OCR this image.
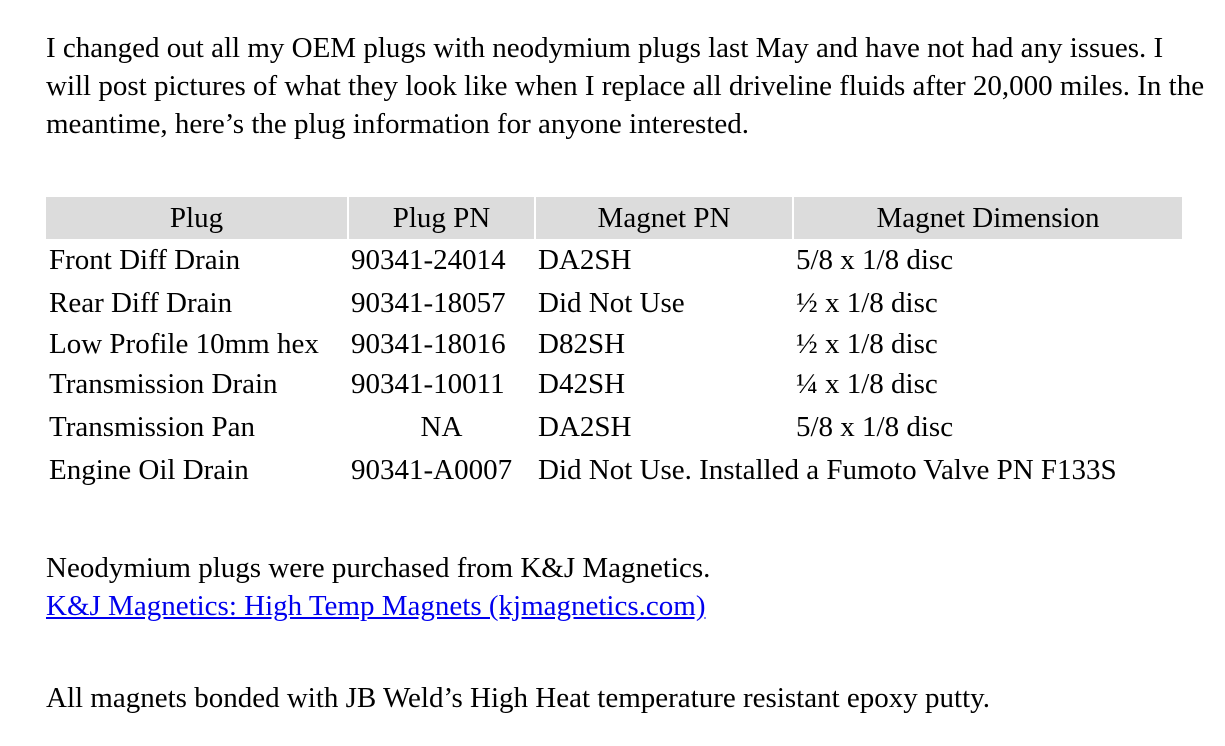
I changed out all my OEM plugs with neodymium plugs last May and have not had any issues. I will post pictures of what they look like when I replace all driveline fluids after 20,000 miles. In the meantime, here’s the plug information for anyone interested.

Plug	Plug PN	Magnet PN	Magnet Dimension
Front Diff Drain	90341-24014	DA2SH	5/8 x 1/8 disc
Rear Diff Drain	90341-18057	Did Not Use	½ x 1/8 disc
Low Profile 10mm hex	90341-18016	D82SH	½ x 1/8 disc
Transmission Drain	90341-10011	D42SH	¼ x 1/8 disc
Transmission Pan	NA	DA2SH	5/8 x 1/8 disc
Engine Oil Drain	90341-A0007	Did Not Use. Installed a Fumoto Valve PN F133S	

Neodymium plugs were purchased from K&J Magnetics.

K&J Magnetics: High Temp Magnets (kjmagnetics.com)

All magnets bonded with JB Weld’s High Heat temperature resistant epoxy putty.
